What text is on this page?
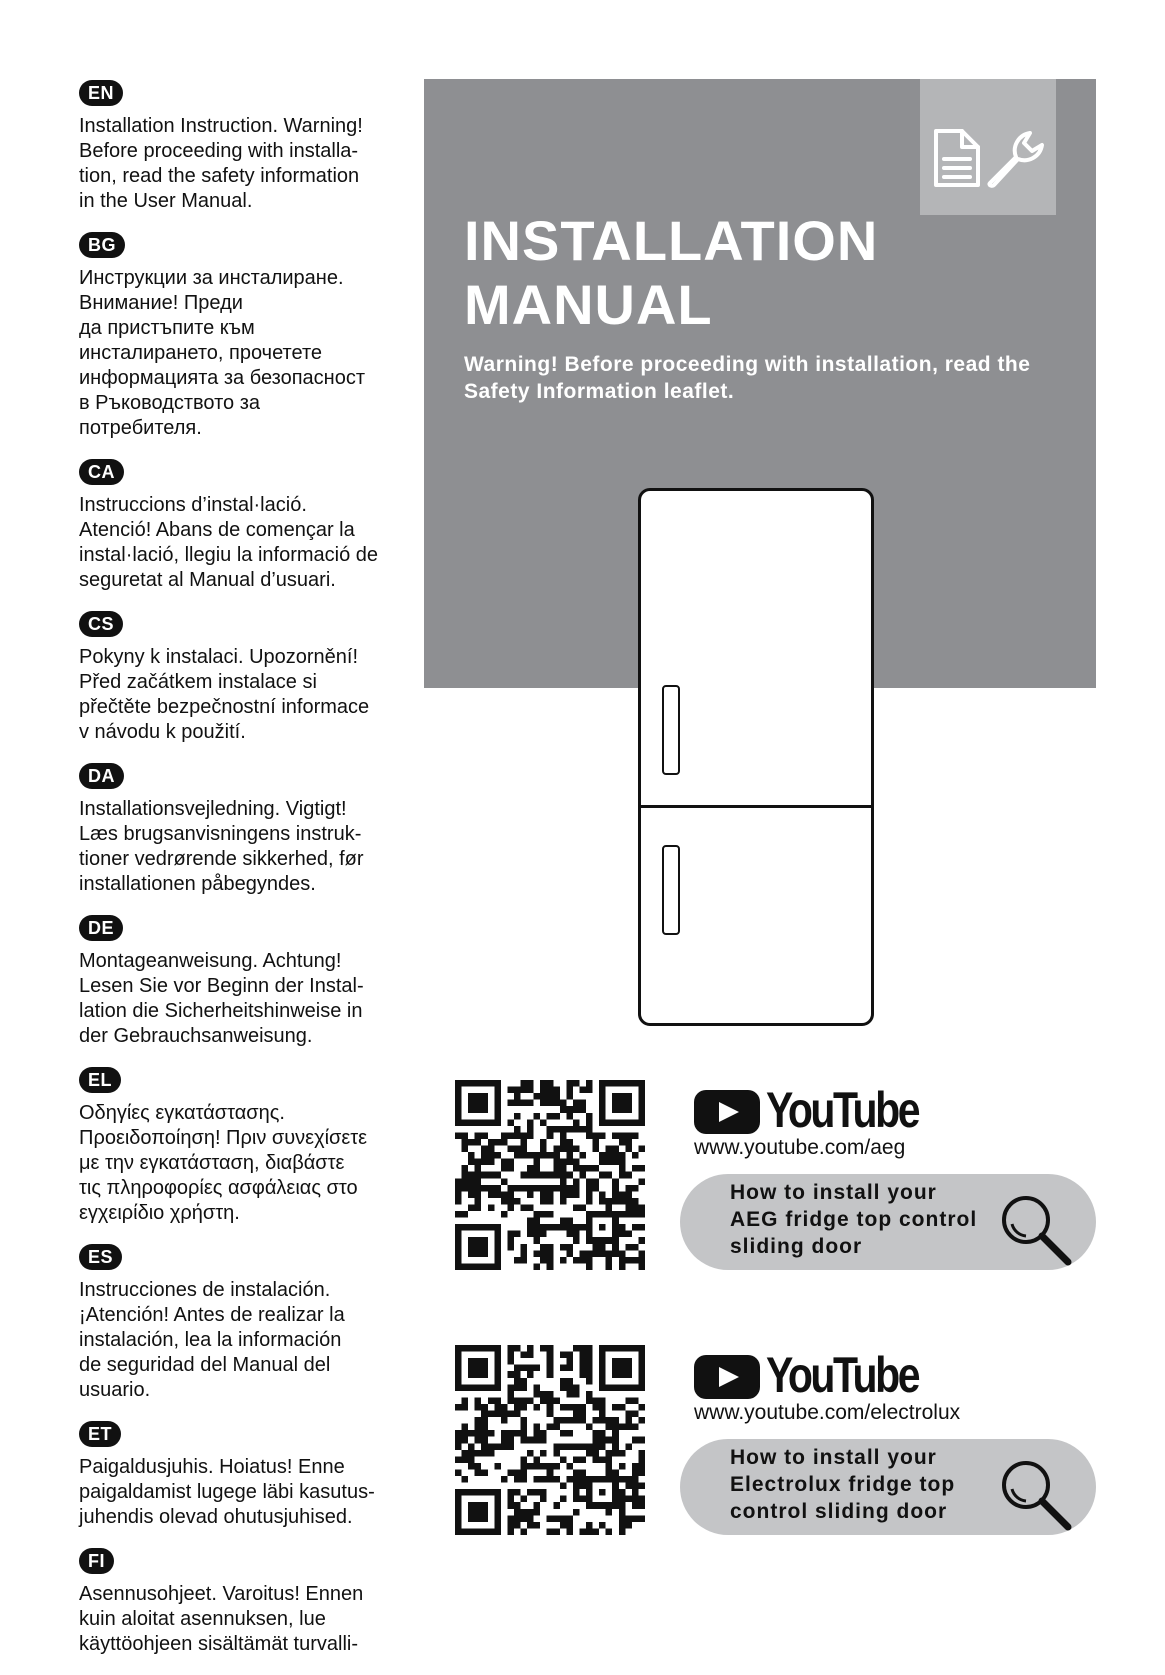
EN

Installation Instruction. Warning!
Before proceeding with installa-
tion, read the safety information
in the User Manual.

BG

Инструкции за инсталиране.
Внимание! Преди
да пристъпите към
инсталирането, прочетете
информацията за безопасност
в Ръководството за
потребителя.

CA

Instruccions d’instal·lació.
Atenció! Abans de començar la
instal·lació, llegiu la informació de
seguretat al Manual d’usuari.

CS

Pokyny k instalaci. Upozornění!
Před začátkem instalace si
přečtěte bezpečnostní informace
v návodu k použití.

DA

Installationsvejledning. Vigtigt!
Læs brugsanvisningens instruk-
tioner vedrørende sikkerhed, før
installationen påbegyndes.

DE

Montageanweisung. Achtung!
Lesen Sie vor Beginn der Instal-
lation die Sicherheitshinweise in
der Gebrauchsanweisung.

EL

Οδηγίες εγκατάστασης.
Προειδοποίηση! Πριν συνεχίσετε
με την εγκατάσταση, διαβάστε
τις πληροφορίες ασφάλειας στο
εγχειρίδιο χρήστη.

ES

Instrucciones de instalación.
¡Atención! Antes de realizar la
instalación, lea la información
de seguridad del Manual del
usuario.

ET

Paigaldusjuhis. Hoiatus! Enne
paigaldamist lugege läbi kasutus-
juhendis olevad ohutusjuhised.

FI

Asennusohjeet. Varoitus! Ennen
kuin aloitat asennuksen, lue
käyttöohjeen sisältämät turvalli-

INSTALLATION
MANUAL

Warning! Before proceeding with installation, read the Safety Information leaflet.

YouTube

www.youtube.com/aeg

How to install your
AEG fridge top control
sliding door

YouTube

www.youtube.com/electrolux

How to install your
Electrolux fridge top
control sliding door
